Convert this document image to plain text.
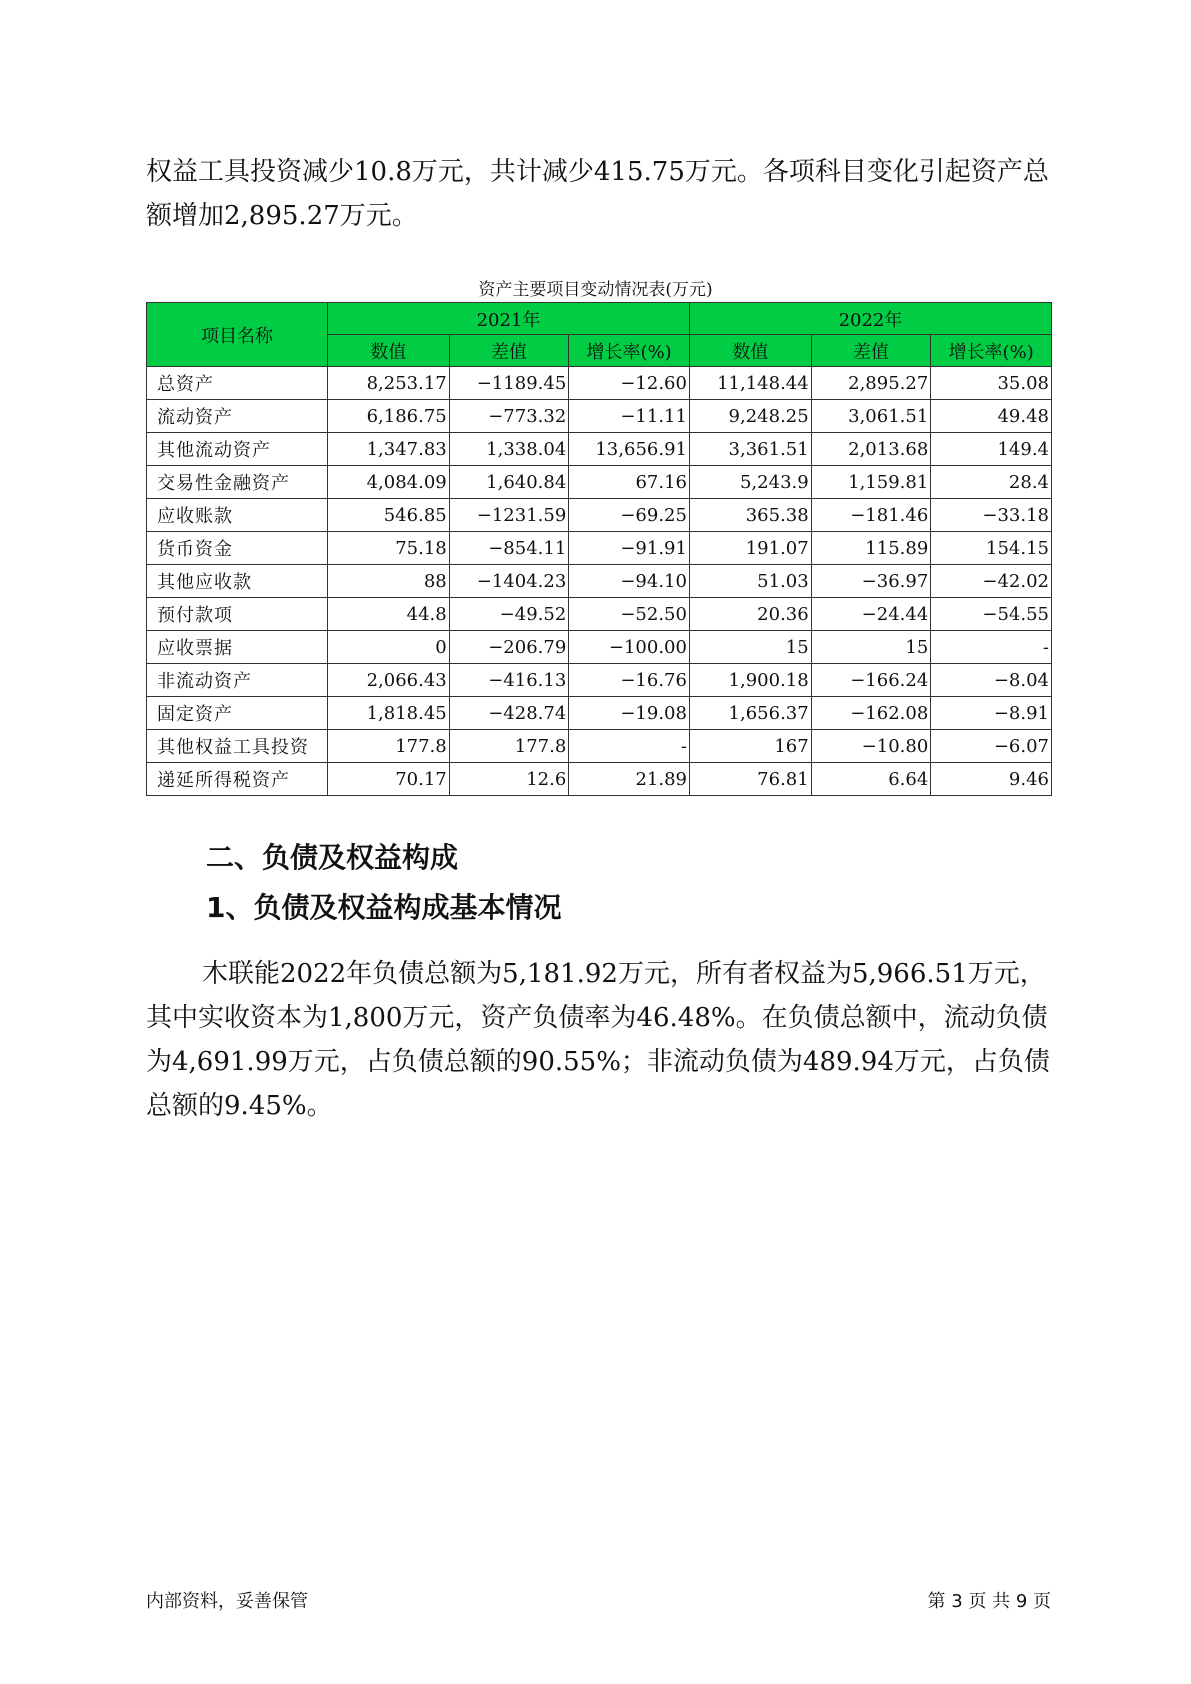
权益工具投资减少10.8万元，共计减少415.75万元。各项科目变化引起资产总额增加2,895.27万元。

资产主要项目变动情况表(万元)
项目名称	2021年			2022年		
	数值	差值	增长率(%)	数值	差值	增长率(%)
总资产	8,253.17	−1189.45	−12.60	11,148.44	2,895.27	35.08
流动资产	6,186.75	−773.32	−11.11	9,248.25	3,061.51	49.48
其他流动资产	1,347.83	1,338.04	13,656.91	3,361.51	2,013.68	149.4
交易性金融资产	4,084.09	1,640.84	67.16	5,243.9	1,159.81	28.4
应收账款	546.85	−1231.59	−69.25	365.38	−181.46	−33.18
货币资金	75.18	−854.11	−91.91	191.07	115.89	154.15
其他应收款	88	−1404.23	−94.10	51.03	−36.97	−42.02
预付款项	44.8	−49.52	−52.50	20.36	−24.44	−54.55
应收票据	0	−206.79	−100.00	15	15	-
非流动资产	2,066.43	−416.13	−16.76	1,900.18	−166.24	−8.04
固定资产	1,818.45	−428.74	−19.08	1,656.37	−162.08	−8.91
其他权益工具投资	177.8	177.8	-	167	−10.80	−6.07
递延所得税资产	70.17	12.6	21.89	76.81	6.64	9.46
二、负债及权益构成
1、负债及权益构成基本情况

木联能2022年负债总额为5,181.92万元，所有者权益为5,966.51万元，其中实收资本为1,800万元，资产负债率为46.48%。在负债总额中，流动负债为4,691.99万元，占负债总额的90.55%；非流动负债为489.94万元，占负债总额的9.45%。

内部资料，妥善保管	第 3 页 共 9 页
